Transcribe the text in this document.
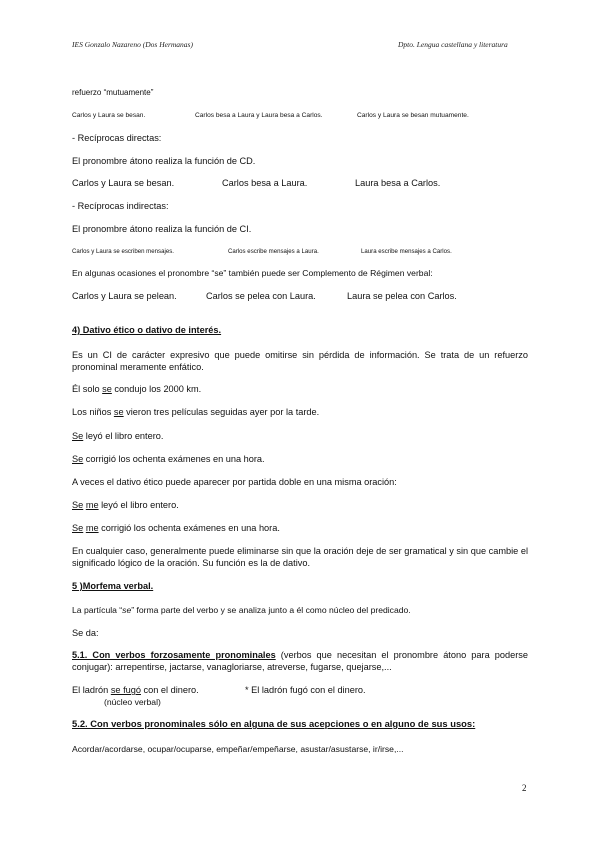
IES Gonzalo Nazareno (Dos Hermanas)	Dpto. Lengua castellana y literatura
refuerzo “mutuamente”
Carlos y Laura se besan.	Carlos besa a Laura y Laura besa a Carlos.	Carlos y Laura se besan mutuamente.
- Recíprocas directas:
El pronombre átono realiza la función de CD.
Carlos y Laura se besan.	Carlos besa a Laura.	Laura besa a Carlos.
- Recíprocas indirectas:
El pronombre átono realiza la función de CI.
Carlos y Laura se escriben mensajes.	Carlos escribe mensajes a Laura.	Laura escribe mensajes a Carlos.
En algunas ocasiones el pronombre “se” también puede ser Complemento de Régimen verbal:
Carlos y Laura se pelean.	Carlos se pelea con Laura.	Laura se pelea con Carlos.
4) Dativo ético o dativo de interés.
Es un CI de carácter expresivo que puede omitirse sin pérdida de información. Se trata de un refuerzo pronominal meramente enfático.
Él solo se condujo los 2000 km.
Los niños se vieron tres películas seguidas ayer por la tarde.
Se leyó el libro entero.
Se corrigió los ochenta exámenes en una hora.
A veces el dativo ético puede aparecer por partida doble en una misma oración:
Se me leyó el libro entero.
Se me corrigió los ochenta exámenes en una hora.
En cualquier caso, generalmente puede eliminarse sin que la oración deje de ser gramatical y sin que cambie el significado lógico de la oración. Su función es la de dativo.
5 )Morfema verbal.
La partícula “se” forma parte del verbo y se analiza junto a él como núcleo del predicado.
Se da:
5.1. Con verbos forzosamente pronominales (verbos que necesitan el pronombre átono para poderse conjugar): arrepentirse, jactarse, vanagloriarse, atreverse, fugarse, quejarse,...
El ladrón se fugó con el dinero.	* El ladrón fugó con el dinero.
(núcleo verbal)
5.2. Con verbos pronominales sólo en alguna de sus acepciones o en alguno de sus usos:
Acordar/acordarse, ocupar/ocuparse, empeñar/empeñarse, asustar/asustarse, ir/irse,...
2
